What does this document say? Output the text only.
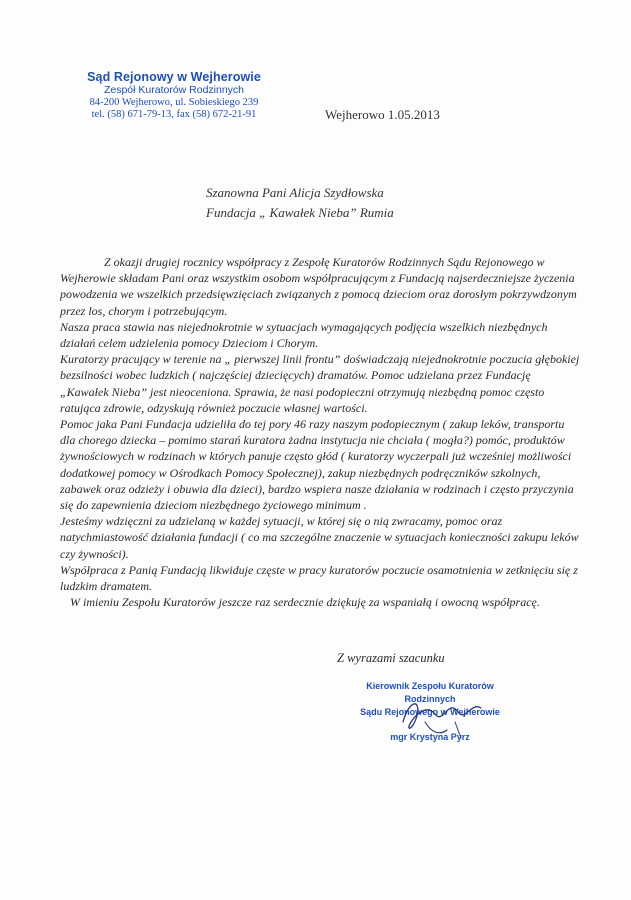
Sąd Rejonowy w Wejherowie
Zespół Kuratorów Rodzinnych
84-200 Wejherowo, ul. Sobieskiego 239
tel. (58) 671-79-13, fax (58) 672-21-91	Wejherowo 1.05.2013
Szanowna Pani Alicja Szydłowska
Fundacja „ Kawałek Nieba” Rumia

Z okazji drugiej rocznicy współpracy z Zespołę Kuratorów Rodzinnych Sądu Rejonowego w Wejherowie składam Pani oraz wszystkim osobom współpracującym z Fundacją najserdeczniejsze życzenia powodzenia we wszelkich przedsięwzięciach związanych z pomocą dzieciom oraz dorosłym pokrzywdzonym przez los, chorym i potrzebującym.

Nasza praca stawia nas niejednokrotnie w sytuacjach wymagających podjęcia wszelkich niezbędnych działań celem udzielenia pomocy Dzieciom i Chorym.

Kuratorzy pracujący w terenie na „ pierwszej linii frontu” doświadczają niejednokrotnie poczucia głębokiej bezsilności wobec ludzkich ( najczęściej dziecięcych) dramatów. Pomoc udzielana przez Fundację „Kawałek Nieba” jest nieoceniona. Sprawia, że nasi podopieczni otrzymują niezbędną pomoc często ratująca zdrowie, odzyskują również poczucie własnej wartości.

Pomoc jaka Pani Fundacja udzieliła do tej pory 46 razy naszym podopiecznym ( zakup leków, transportu dla chorego dziecka – pomimo starań kuratora żadna instytucja nie chciała ( mogła?) pomóc, produktów żywnościowych w rodzinach w których panuje często głód ( kuratorzy wyczerpali już wcześniej możliwości dodatkowej pomocy w Ośrodkach Pomocy Społecznej), zakup niezbędnych podręczników szkolnych, zabawek oraz odzieży i obuwia dla dzieci), bardzo wspiera nasze działania w rodzinach i często przyczynia się do zapewnienia dzieciom niezbędnego życiowego minimum .

Jesteśmy wdzięczni za udzielaną w każdej sytuacji, w której się o nią zwracamy, pomoc oraz natychmiastowość działania fundacji ( co ma szczególne znaczenie w sytuacjach konieczności zakupu leków czy żywności).

Współpraca z Panią Fundacją likwiduje częste w pracy kuratorów poczucie osamotnienia w zetknięciu się z ludzkim dramatem.

W imieniu Zespołu Kuratorów jeszcze raz serdecznie dziękuję za wspaniałą i owocną współpracę.

Z wyrazami szacunku
Kierownik Zespołu Kuratorów Rodzinnych
Sądu Rejonowego w Wejherowie
mgr Krystyna Pyrz
